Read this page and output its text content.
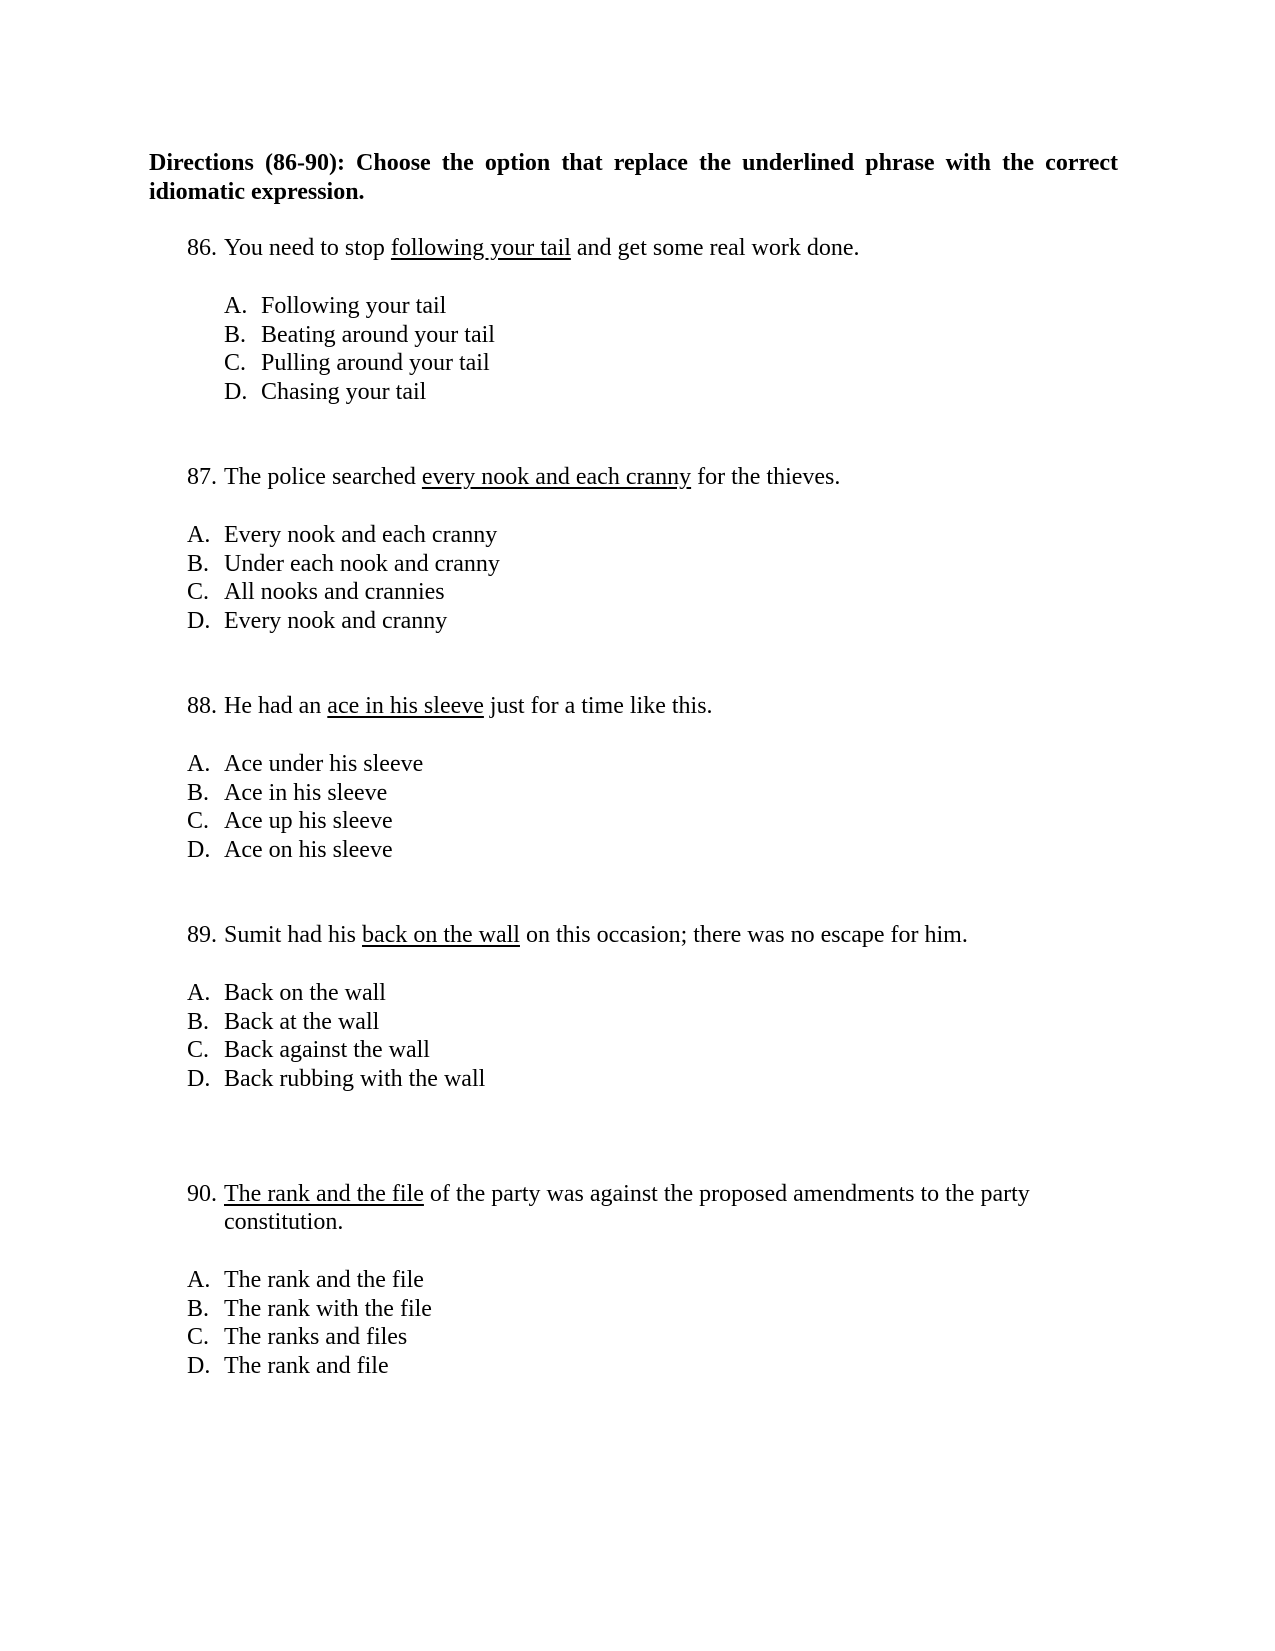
Directions (86-90): Choose the option that replace the underlined phrase with the correct idiomatic expression.
86. You need to stop following your tail and get some real work done.
A. Following your tail
B. Beating around your tail
C. Pulling around your tail
D. Chasing your tail
87. The police searched every nook and each cranny for the thieves.
A. Every nook and each cranny
B. Under each nook and cranny
C. All nooks and crannies
D. Every nook and cranny
88. He had an ace in his sleeve just for a time like this.
A. Ace under his sleeve
B. Ace in his sleeve
C. Ace up his sleeve
D. Ace on his sleeve
89. Sumit had his back on the wall on this occasion; there was no escape for him.
A. Back on the wall
B. Back at the wall
C. Back against the wall
D. Back rubbing with the wall
90. The rank and the file of the party was against the proposed amendments to the party constitution.
A. The rank and the file
B. The rank with the file
C. The ranks and files
D. The rank and file
